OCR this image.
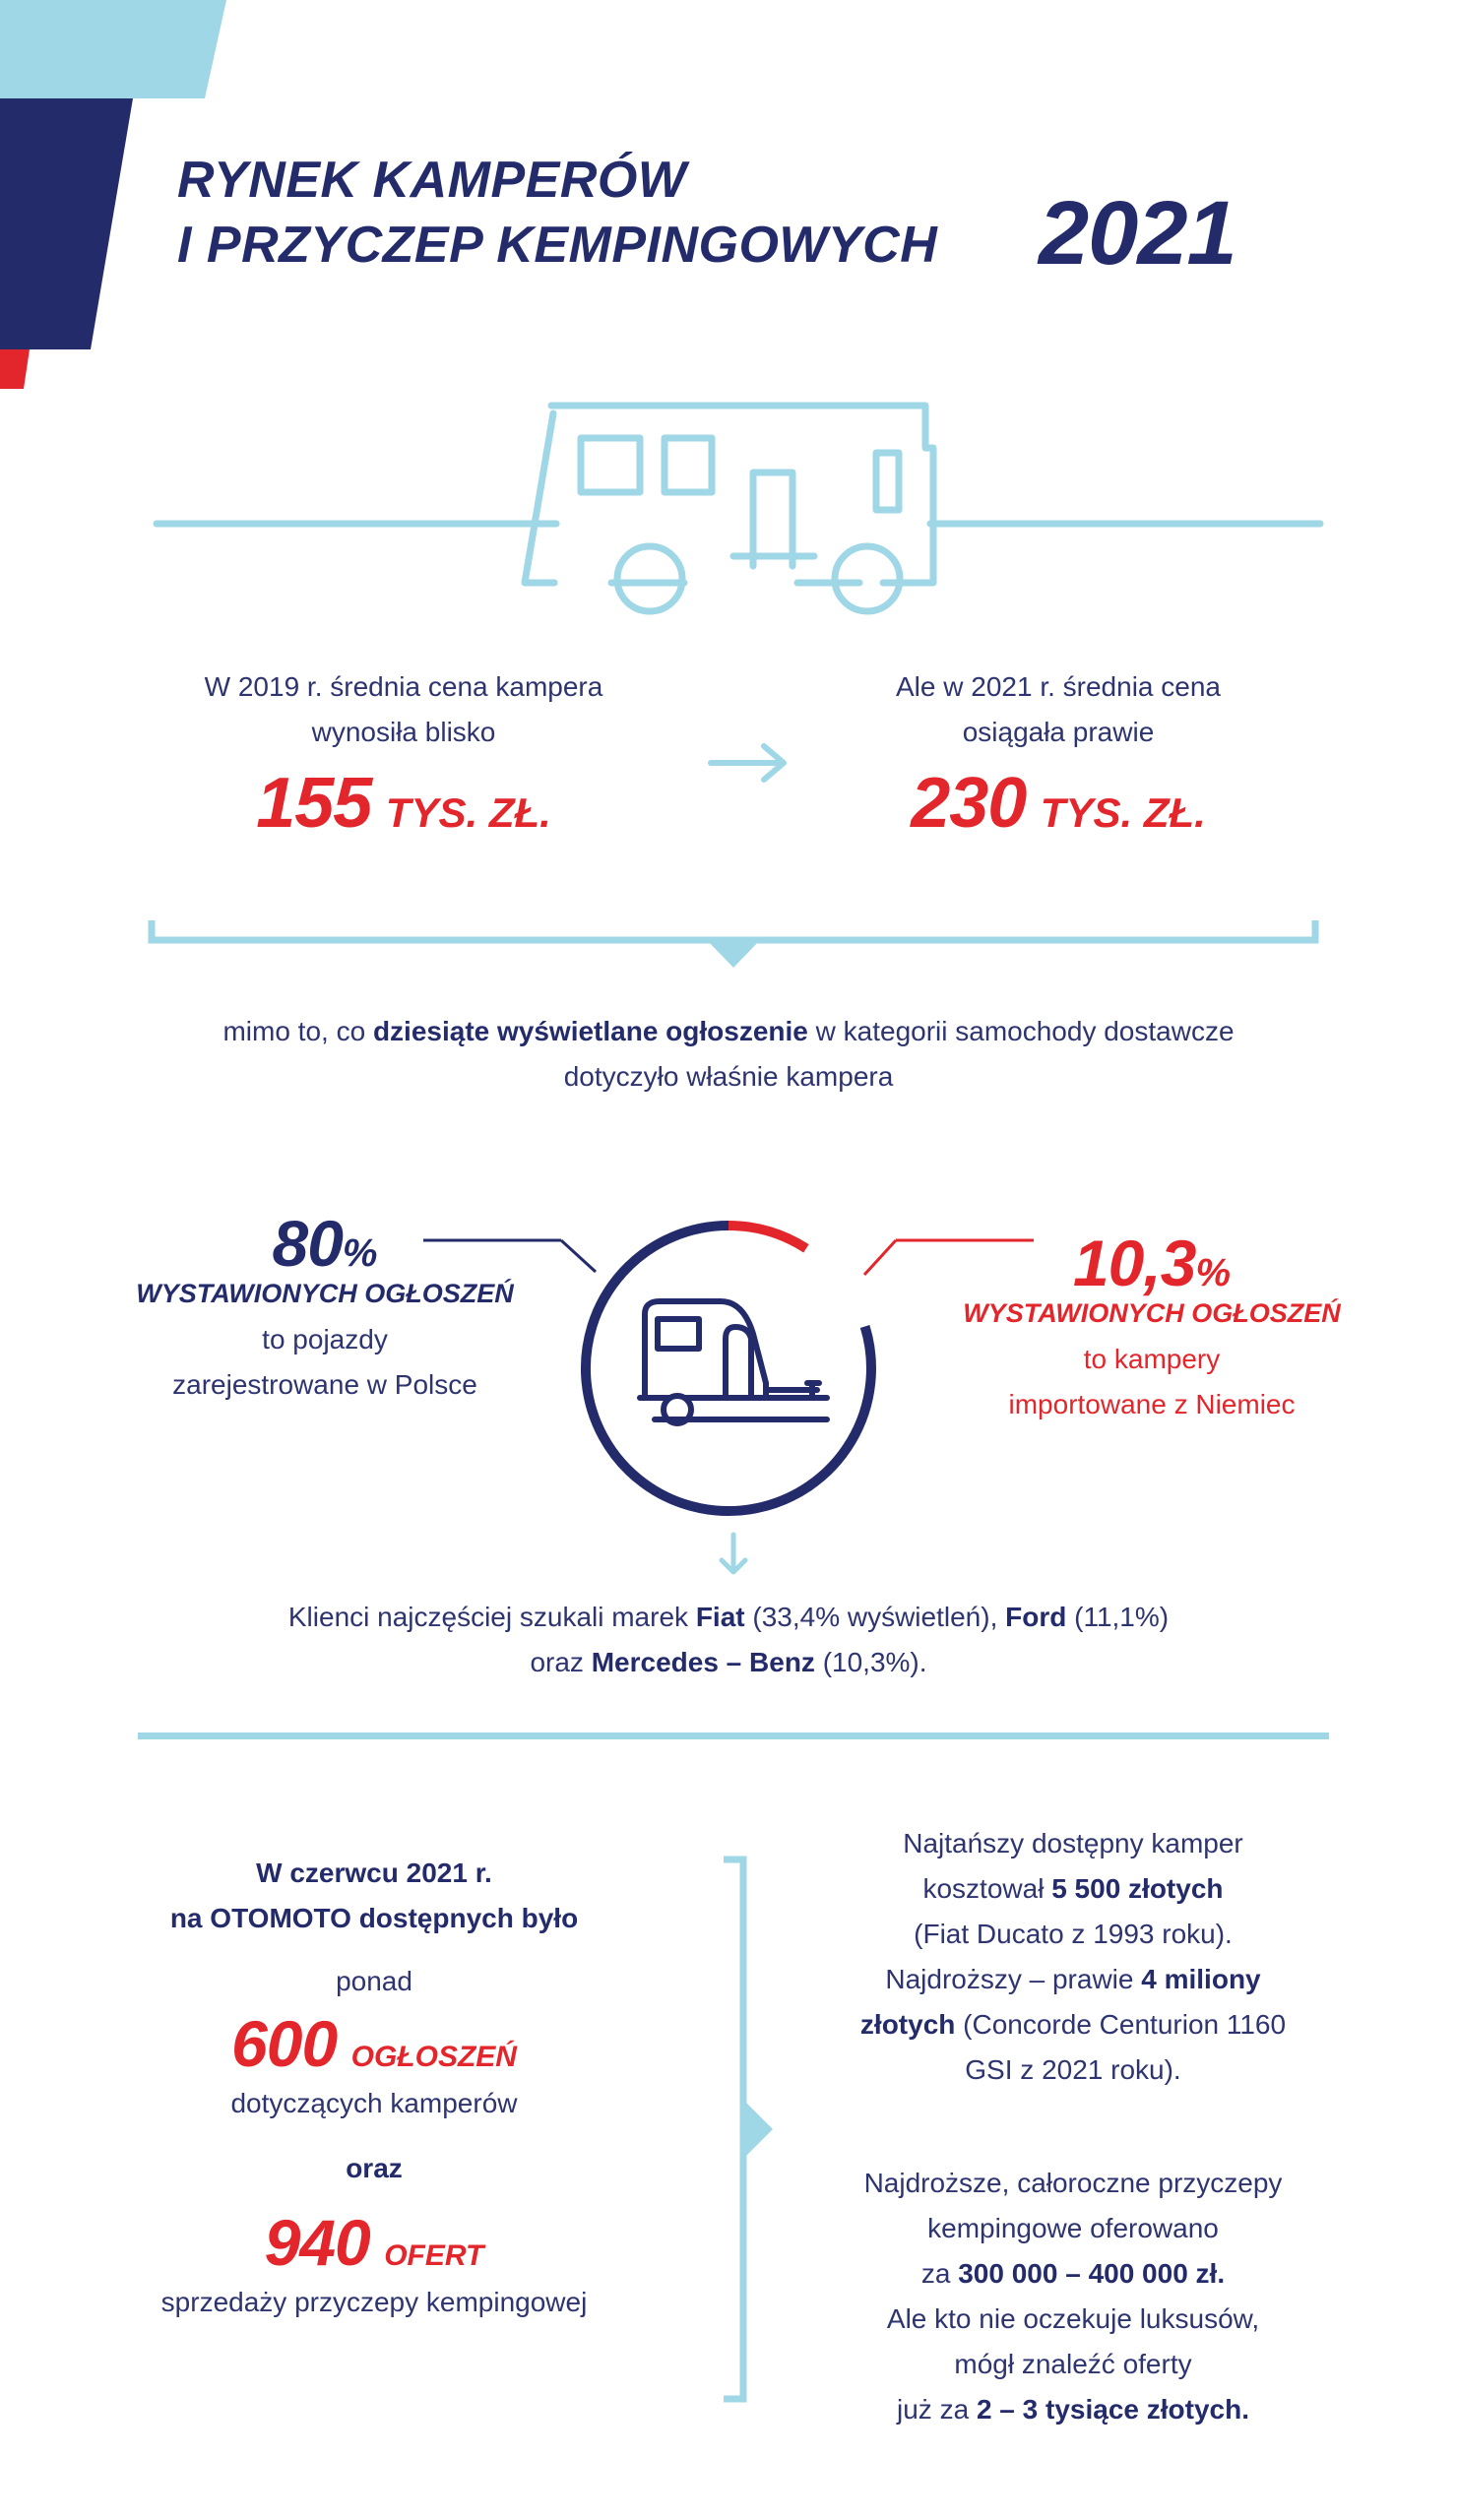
RYNEK KAMPERÓW
I PRZYCZEP KEMPINGOWYCH 2021
W 2019 r. średnia cena kampera
wynosiła blisko
155 TYS. ZŁ.
Ale w 2021 r. średnia cena
osiągała prawie
230 TYS. ZŁ.
mimo to, co dziesiąte wyświetlane ogłoszenie w kategorii samochody dostawcze
dotyczyło właśnie kampera
80%
WYSTAWIONYCH OGŁOSZEŃ
to pojazdy
zarejestrowane w Polsce
10,3%
WYSTAWIONYCH OGŁOSZEŃ
to kampery
importowane z Niemiec
Klienci najczęściej szukali marek Fiat (33,4% wyświetleń), Ford (11,1%)
oraz Mercedes – Benz (10,3%).
W czerwcu 2021 r.
na OTOMOTO dostępnych było
ponad
600 OGŁOSZEŃ
dotyczących kamperów
oraz
940 OFERT
sprzedaży przyczepy kempingowej
Najtańszy dostępny kamper
kosztował 5 500 złotych
(Fiat Ducato z 1993 roku).
Najdroższy – prawie 4 miliony
złotych (Concorde Centurion 1160
GSI z 2021 roku).
Najdroższe, całoroczne przyczepy
kempingowe oferowano
za 300 000 – 400 000 zł.
Ale kto nie oczekuje luksusów,
mógł znaleźć oferty
już za 2 – 3 tysiące złotych.
